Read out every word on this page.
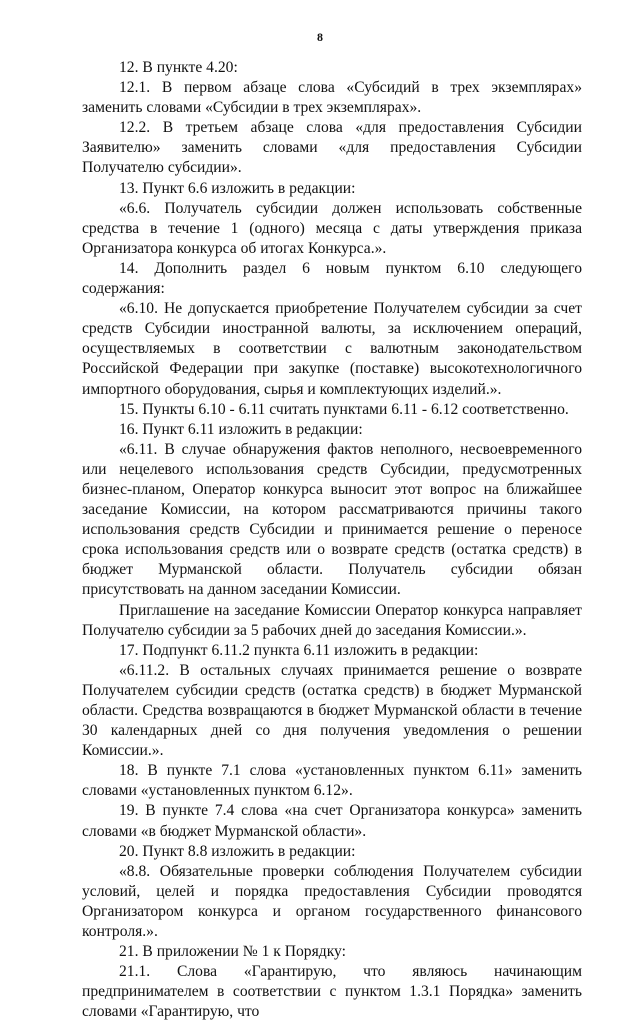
8

12. В пункте 4.20:

12.1. В первом абзаце слова «Субсидий в трех экземплярах» заменить словами «Субсидии в трех экземплярах».

12.2. В третьем абзаце слова «для предоставления Субсидии Заявителю» заменить словами «для предоставления Субсидии Получателю субсидии».

13. Пункт 6.6 изложить в редакции:

«6.6. Получатель субсидии должен использовать собственные средства в течение 1 (одного) месяца с даты утверждения приказа Организатора конкурса об итогах Конкурса.».

14. Дополнить раздел 6 новым пунктом 6.10 следующего содержания:

«6.10. Не допускается приобретение Получателем субсидии за счет средств Субсидии иностранной валюты, за исключением операций, осуществляемых в соответствии с валютным законодательством Российской Федерации при закупке (поставке) высокотехнологичного импортного оборудования, сырья и комплектующих изделий.».

15. Пункты 6.10 - 6.11 считать пунктами 6.11 - 6.12 соответственно.

16. Пункт 6.11 изложить в редакции:

«6.11. В случае обнаружения фактов неполного, несвоевременного или нецелевого использования средств Субсидии, предусмотренных бизнес-планом, Оператор конкурса выносит этот вопрос на ближайшее заседание Комиссии, на котором рассматриваются причины такого использования средств Субсидии и принимается решение о переносе срока использования средств или о возврате средств (остатка средств) в бюджет Мурманской области. Получатель субсидии обязан присутствовать на данном заседании Комиссии.

Приглашение на заседание Комиссии Оператор конкурса направляет Получателю субсидии за 5 рабочих дней до заседания Комиссии.».

17. Подпункт 6.11.2 пункта 6.11 изложить в редакции:

«6.11.2. В остальных случаях принимается решение о возврате Получателем субсидии средств (остатка средств) в бюджет Мурманской области. Средства возвращаются в бюджет Мурманской области в течение 30 календарных дней со дня получения уведомления о решении Комиссии.».

18. В пункте 7.1 слова «установленных пунктом 6.11» заменить словами «установленных пунктом 6.12».

19. В пункте 7.4 слова «на счет Организатора конкурса» заменить словами «в бюджет Мурманской области».

20. Пункт 8.8 изложить в редакции:

«8.8. Обязательные проверки соблюдения Получателем субсидии условий, целей и порядка предоставления Субсидии проводятся Организатором конкурса и органом государственного финансового контроля.».

21. В приложении № 1 к Порядку:

21.1. Слова «Гарантирую, что являюсь начинающим предпринимателем в соответствии с пунктом 1.3.1 Порядка» заменить словами «Гарантирую, что
